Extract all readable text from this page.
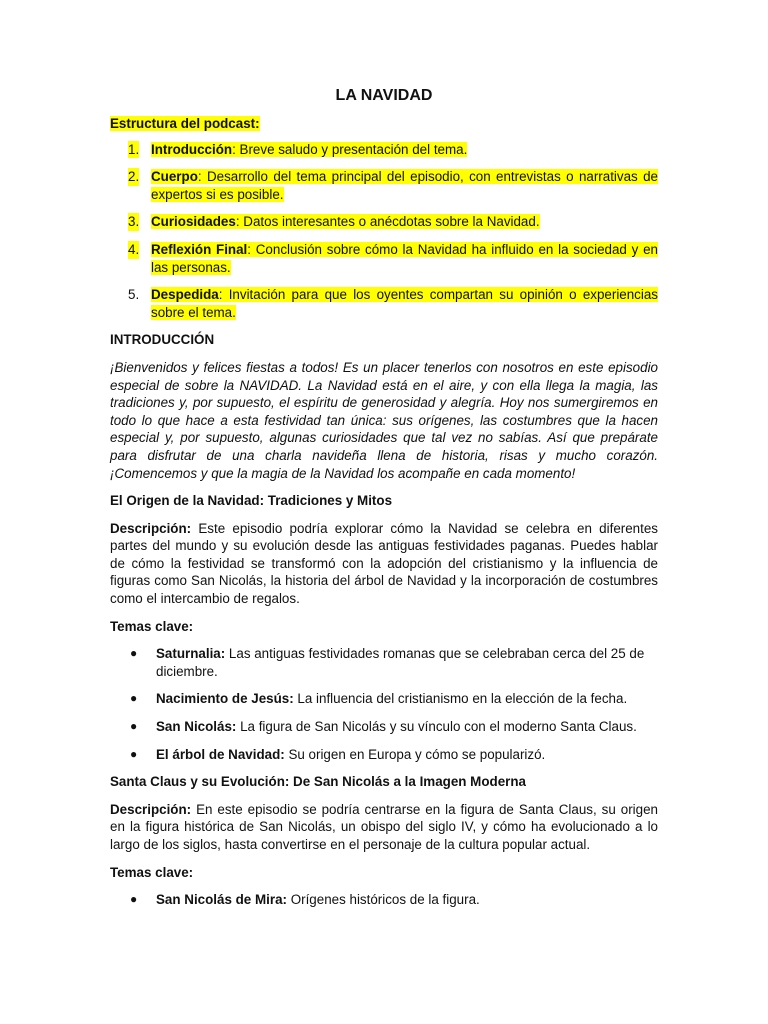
LA NAVIDAD

Estructura del podcast:

1. Introducción: Breve saludo y presentación del tema.
2. Cuerpo: Desarrollo del tema principal del episodio, con entrevistas o narrativas de expertos si es posible.
3. Curiosidades: Datos interesantes o anécdotas sobre la Navidad.
4. Reflexión Final: Conclusión sobre cómo la Navidad ha influido en la sociedad y en las personas.
5. Despedida: Invitación para que los oyentes compartan su opinión o experiencias sobre el tema.
INTRODUCCIÓN

¡Bienvenidos y felices fiestas a todos! Es un placer tenerlos con nosotros en este episodio especial de sobre la NAVIDAD. La Navidad está en el aire, y con ella llega la magia, las tradiciones y, por supuesto, el espíritu de generosidad y alegría. Hoy nos sumergiremos en todo lo que hace a esta festividad tan única: sus orígenes, las costumbres que la hacen especial y, por supuesto, algunas curiosidades que tal vez no sabías. Así que prepárate para disfrutar de una charla navideña llena de historia, risas y mucho corazón. ¡Comencemos y que la magia de la Navidad los acompañe en cada momento!

El Origen de la Navidad: Tradiciones y Mitos

Descripción: Este episodio podría explorar cómo la Navidad se celebra en diferentes partes del mundo y su evolución desde las antiguas festividades paganas. Puedes hablar de cómo la festividad se transformó con la adopción del cristianismo y la influencia de figuras como San Nicolás, la historia del árbol de Navidad y la incorporación de costumbres como el intercambio de regalos.

Temas clave:

● Saturnalia: Las antiguas festividades romanas que se celebraban cerca del 25 de diciembre.
● Nacimiento de Jesús: La influencia del cristianismo en la elección de la fecha.
● San Nicolás: La figura de San Nicolás y su vínculo con el moderno Santa Claus.
● El árbol de Navidad: Su origen en Europa y cómo se popularizó.
Santa Claus y su Evolución: De San Nicolás a la Imagen Moderna

Descripción: En este episodio se podría centrarse en la figura de Santa Claus, su origen en la figura histórica de San Nicolás, un obispo del siglo IV, y cómo ha evolucionado a lo largo de los siglos, hasta convertirse en el personaje de la cultura popular actual.

Temas clave:

● San Nicolás de Mira: Orígenes históricos de la figura.
